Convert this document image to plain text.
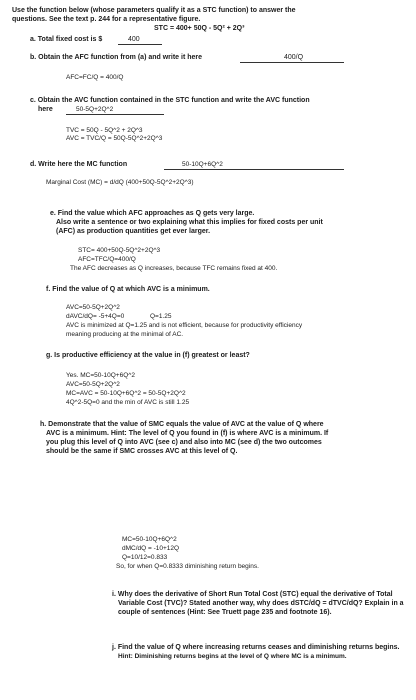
Use the function below (whose parameters qualify it as a STC function) to answer the
questions. See the text p. 244 for a representative figure.
STC = 400+ 50Q - 5Q² + 2Q³
a. Total fixed cost is $	400
b. Obtain the AFC function from (a) and write it here	400/Q
AFC=FC/Q = 400/Q
c. Obtain the AVC function contained in the STC function and write the AVC function
here	50-5Q+2Q^2
TVC = 50Q - 5Q^2 + 2Q^3
AVC = TVC/Q = 50Q-5Q^2+2Q^3
d. Write here the MC function	50-10Q+6Q^2
Marginal Cost (MC) = d/dQ (400+50Q-5Q^2+2Q^3)
e. Find the value which AFC approaches as Q gets very large.
Also write a sentence or two explaining what this implies for fixed costs per unit
(AFC) as production quantities get ever larger.
STC= 400+50Q-5Q^2+2Q^3
AFC=TFC/Q=400/Q
The AFC decreases as Q increases, because TFC remains fixed at 400.
f. Find the value of Q at which AVC is a minimum.
AVC=50-5Q+2Q^2
dAVC/dQ= -5+4Q=0	Q=1.25
AVC is minimized at Q=1.25 and is not efficient, because for productivity efficiency
meaning producing at the minimal of AC.
g. Is productive efficiency at the value in (f) greatest or least?
Yes. MC=50-10Q+6Q^2
AVC=50-5Q+2Q^2
MC=AVC = 50-10Q+6Q^2 = 50-5Q+2Q^2
4Q^2-5Q=0 and the min of AVC is still 1.25
h. Demonstrate that the value of SMC equals the value of AVC at the value of Q where
AVC is a minimum. Hint: The level of Q you found in (f) is where AVC is a minimum. If
you plug this level of Q into AVC (see c) and also into MC (see d) the two outcomes
should be the same if SMC crosses AVC at this level of Q.
MC=50-10Q+6Q^2
dMC/dQ = -10+12Q
Q=10/12=0.833
So, for when Q=0.8333 diminishing return begins.
i. Why does the derivative of Short Run Total Cost (STC) equal the derivative of Total
Variable Cost (TVC)? Stated another way, why does dSTC/dQ = dTVC/dQ? Explain in a
couple of sentences (Hint: See Truett page 235 and footnote 16).
j. Find the value of Q where increasing returns ceases and diminishing returns begins.
Hint: Diminishing returns begins at the level of Q where MC is a minimum.
